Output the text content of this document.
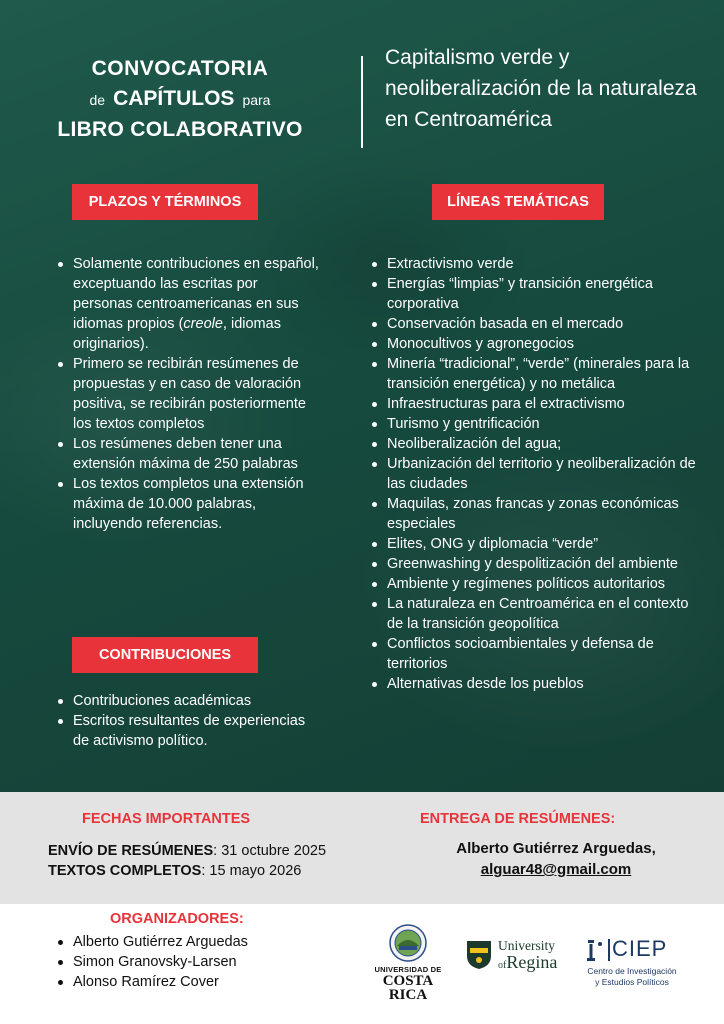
CONVOCATORIA
de CAPÍTULOS para
LIBRO COLABORATIVO
Capitalismo verde y neoliberalización de la naturaleza en Centroamérica
PLAZOS Y TÉRMINOS
Solamente contribuciones en español, exceptuando las escritas por personas centroamericanas en sus idiomas propios (creole, idiomas originarios).
Primero se recibirán resúmenes de propuestas y en caso de valoración positiva, se recibirán posteriormente los textos completos
Los resúmenes deben tener una extensión máxima de 250 palabras
Los textos completos una extensión máxima de 10.000 palabras, incluyendo referencias.
CONTRIBUCIONES
Contribuciones académicas
Escritos resultantes de experiencias de activismo político.
LÍNEAS TEMÁTICAS
Extractivismo verde
Energías “limpias” y transición energética corporativa
Conservación basada en el mercado
Monocultivos y agronegocios
Minería “tradicional”, “verde” (minerales para la transición energética) y no metálica
Infraestructuras para el extractivismo
Turismo y gentrificación
Neoliberalización del agua;
Urbanización del territorio y neoliberalización de las ciudades
Maquilas, zonas francas y zonas económicas especiales
Elites, ONG y diplomacia “verde”
Greenwashing y despolitización del ambiente
Ambiente y regímenes políticos autoritarios
La naturaleza en Centroamérica en el contexto de la transición geopolítica
Conflictos socioambientales y defensa de territorios
Alternativas desde los pueblos
FECHAS IMPORTANTES
ENVÍO DE RESÚMENES: 31 octubre 2025
TEXTOS COMPLETOS: 15 mayo 2026
ENTREGA DE RESÚMENES:
Alberto Gutiérrez Arguedas,
alguar48@gmail.com
ORGANIZADORES:
Alberto Gutiérrez Arguedas
Simon Granovsky-Larsen
Alonso Ramírez Cover
UNIVERSIDAD DE
COSTA RICA
University
ofRegina
CIEP
Centro de Investigación
y Estudios Políticos
